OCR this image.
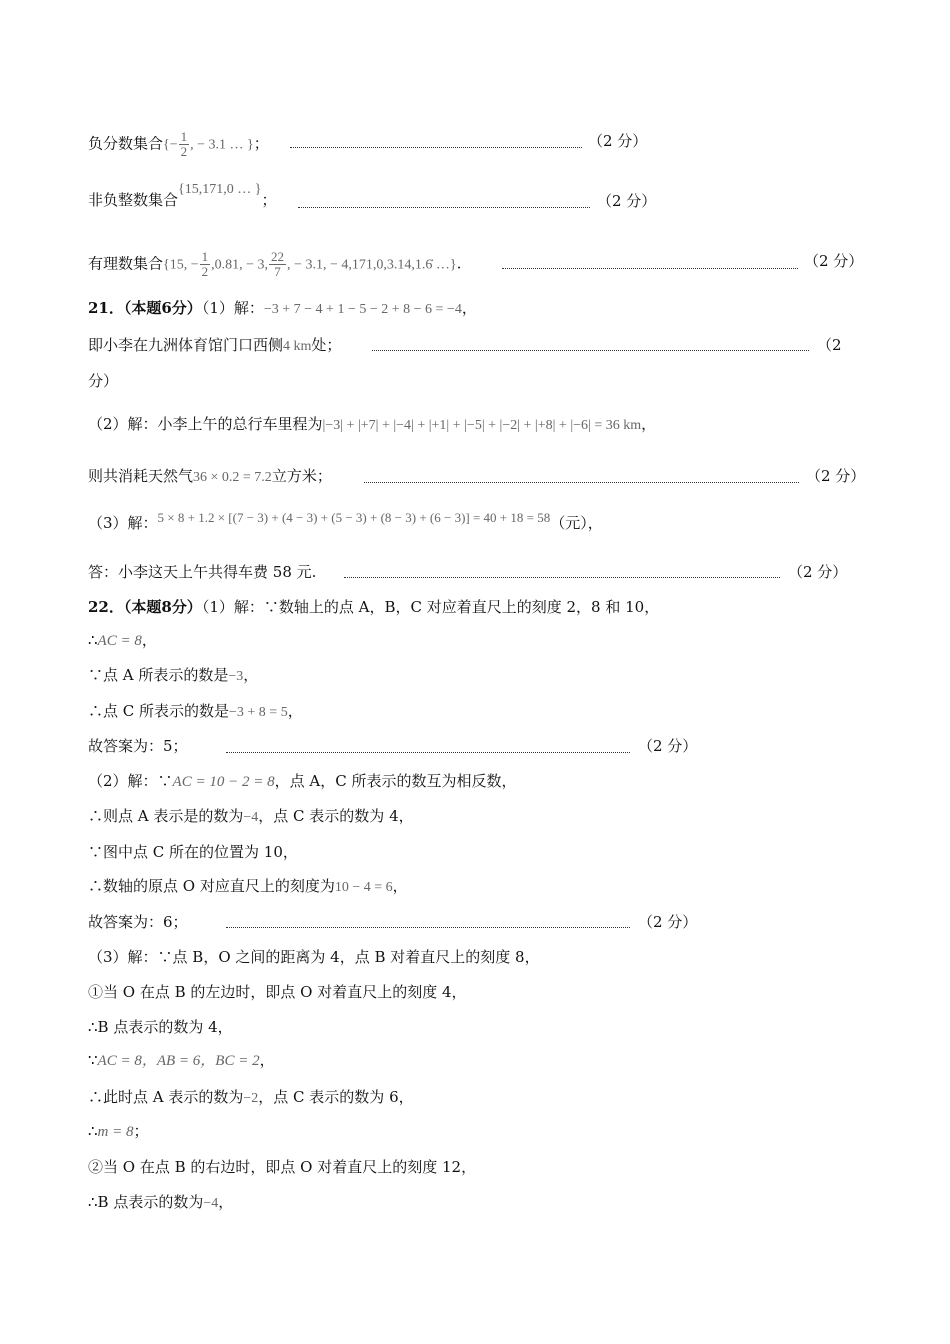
负分数集合{− $\frac{1}{2}$ , − 3.1 … }；	（2 分）
非负整数集合{15,171,0 … }；	（2 分）
有理数集合{15, − $\frac{1}{2} ,0.81$, − 3, $\frac{22}{7}$ , − 3.1, − 4,171,0,3.14,1.6̇ …}.	（2 分）
21．（本题6分）（1）解：−3 + 7 − 4 + 1 − 5 − 2 + 8 − 6 = −4，
即小李在九洲体育馆门口西侧4 km处；	（2
分）
（2）解：小李上午的总行车里程为|−3| + |+7| + |−4| + |+1| + |−5| + |−2| + |+8| + |−6| = 36 km，
则共消耗天然气36 × 0.2 = 7.2立方米；	（2 分）
（3）解：5 × 8 + 1.2 × [(7 − 3) + (4 − 3) + (5 − 3) + (8 − 3) + (6 − 3)] = 40 + 18 = 58（元），
答：小李这天上午共得车费 58 元.	（2 分）
22．（本题8分）（1）解：∵数轴上的点 A，B，C 对应着直尺上的刻度 2，8 和 10，
∴AC = 8，
∵点 A 所表示的数是−3，
∴点 C 所表示的数是−3 + 8 = 5，
故答案为：5；	（2 分）
（2）解：∵AC = 10 − 2 = 8，点 A，C 所表示的数互为相反数，
∴则点 A 表示是的数为−4，点 C 表示的数为 4，
∵图中点 C 所在的位置为 10，
∴数轴的原点 O 对应直尺上的刻度为10 − 4 = 6，
故答案为：6；	（2 分）
（3）解：∵点 B，O 之间的距离为 4，点 B 对着直尺上的刻度 8，
①当 O 在点 B 的左边时，即点 O 对着直尺上的刻度 4，
∴B 点表示的数为 4，
∵AC = 8，AB = 6，BC = 2，
∴此时点 A 表示的数为−2，点 C 表示的数为 6，
∴m = 8；
②当 O 在点 B 的右边时，即点 O 对着直尺上的刻度 12，
∴B 点表示的数为−4，
